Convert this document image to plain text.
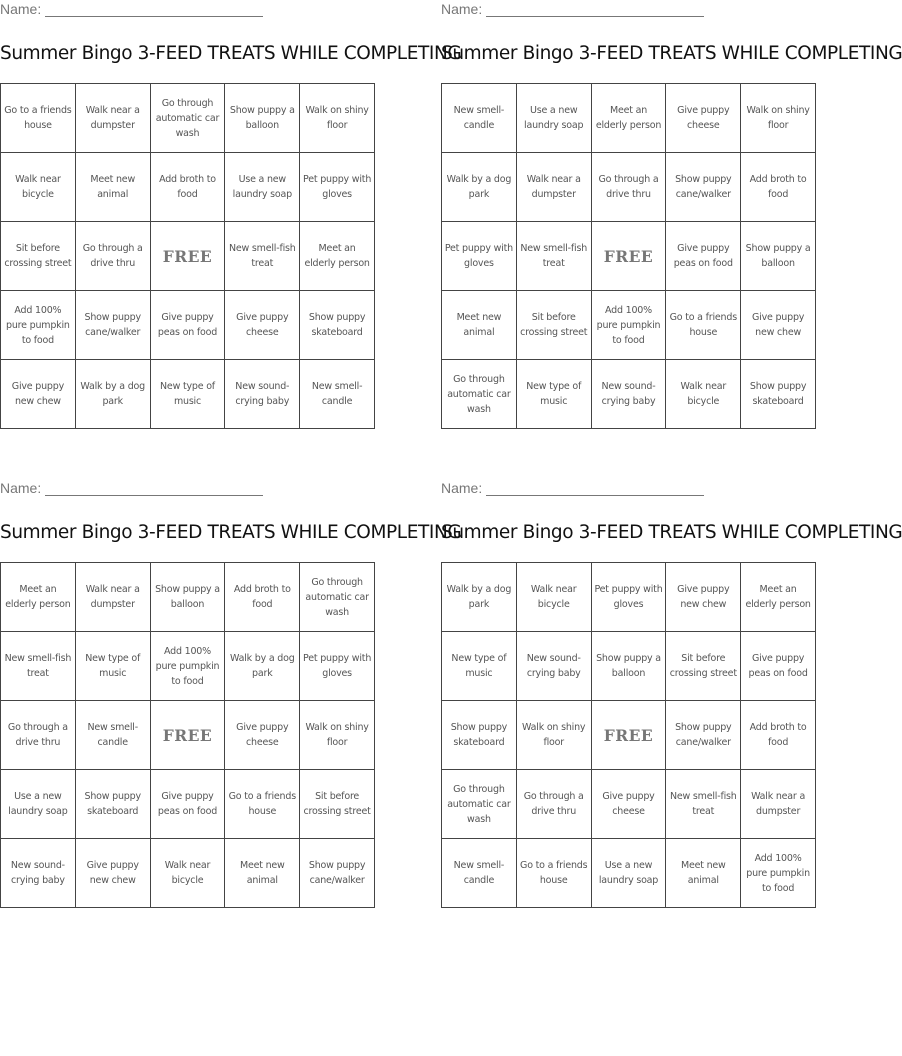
Name:
Summer Bingo 3-FEED TREATS WHILE COMPLETING
Go to a friends house	Walk near a dumpster	Go through automatic car wash	Show puppy a balloon	Walk on shiny floor
Walk near bicycle	Meet new animal	Add broth to food	Use a new laundry soap	Pet puppy with gloves
Sit before crossing street	Go through a drive thru	FREE	New smell-fish treat	Meet an elderly person
Add 100% pure pumpkin to food	Show puppy cane/walker	Give puppy peas on food	Give puppy cheese	Show puppy skateboard
Give puppy new chew	Walk by a dog park	New type of music	New sound-crying baby	New smell-candle
Name:
Summer Bingo 3-FEED TREATS WHILE COMPLETING
New smell-candle	Use a new laundry soap	Meet an elderly person	Give puppy cheese	Walk on shiny floor
Walk by a dog park	Walk near a dumpster	Go through a drive thru	Show puppy cane/walker	Add broth to food
Pet puppy with gloves	New smell-fish treat	FREE	Give puppy peas on food	Show puppy a balloon
Meet new animal	Sit before crossing street	Add 100% pure pumpkin to food	Go to a friends house	Give puppy new chew
Go through automatic car wash	New type of music	New sound-crying baby	Walk near bicycle	Show puppy skateboard
Name:
Summer Bingo 3-FEED TREATS WHILE COMPLETING
Meet an elderly person	Walk near a dumpster	Show puppy a balloon	Add broth to food	Go through automatic car wash
New smell-fish treat	New type of music	Add 100% pure pumpkin to food	Walk by a dog park	Pet puppy with gloves
Go through a drive thru	New smell-candle	FREE	Give puppy cheese	Walk on shiny floor
Use a new laundry soap	Show puppy skateboard	Give puppy peas on food	Go to a friends house	Sit before crossing street
New sound-crying baby	Give puppy new chew	Walk near bicycle	Meet new animal	Show puppy cane/walker
Name:
Summer Bingo 3-FEED TREATS WHILE COMPLETING
Walk by a dog park	Walk near bicycle	Pet puppy with gloves	Give puppy new chew	Meet an elderly person
New type of music	New sound-crying baby	Show puppy a balloon	Sit before crossing street	Give puppy peas on food
Show puppy skateboard	Walk on shiny floor	FREE	Show puppy cane/walker	Add broth to food
Go through automatic car wash	Go through a drive thru	Give puppy cheese	New smell-fish treat	Walk near a dumpster
New smell-candle	Go to a friends house	Use a new laundry soap	Meet new animal	Add 100% pure pumpkin to food
